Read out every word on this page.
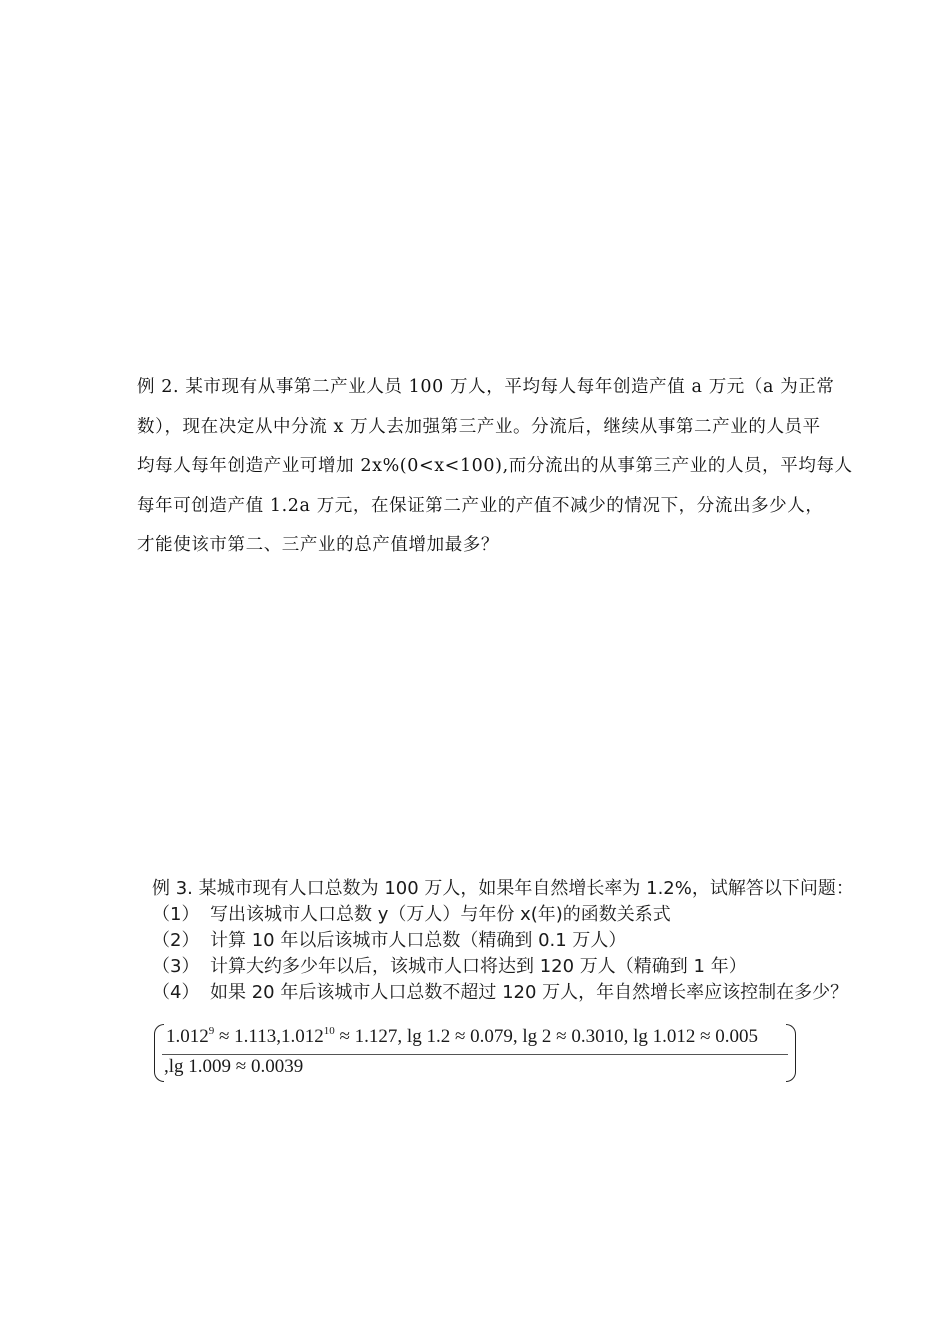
例 2. 某市现有从事第二产业人员 100 万人，平均每人每年创造产值 a 万元（a 为正常
数），现在决定从中分流 x 万人去加强第三产业。分流后，继续从事第二产业的人员平
均每人每年创造产业可增加 2x%(0<x<100),而分流出的从事第三产业的人员，平均每人
每年可创造产值 1.2a 万元，在保证第二产业的产值不减少的情况下，分流出多少人，
才能使该市第二、三产业的总产值增加最多？
例 3. 某城市现有人口总数为 100 万人，如果年自然增长率为 1.2%，试解答以下问题：
（1） 写出该城市人口总数 y（万人）与年份 x(年)的函数关系式
（2） 计算 10 年以后该城市人口总数（精确到 0.1 万人）
（3） 计算大约多少年以后，该城市人口将达到 120 万人（精确到 1 年）
（4） 如果 20 年后该城市人口总数不超过 120 万人，年自然增长率应该控制在多少？
$1.012^9 \approx 1.113,1.012^{10} \approx 1.127$, lg 1.2 ≈ 0.079, lg 2 ≈ 0.3010, lg 1.012 ≈ 0.005
,lg 1.009 ≈ 0.0039
